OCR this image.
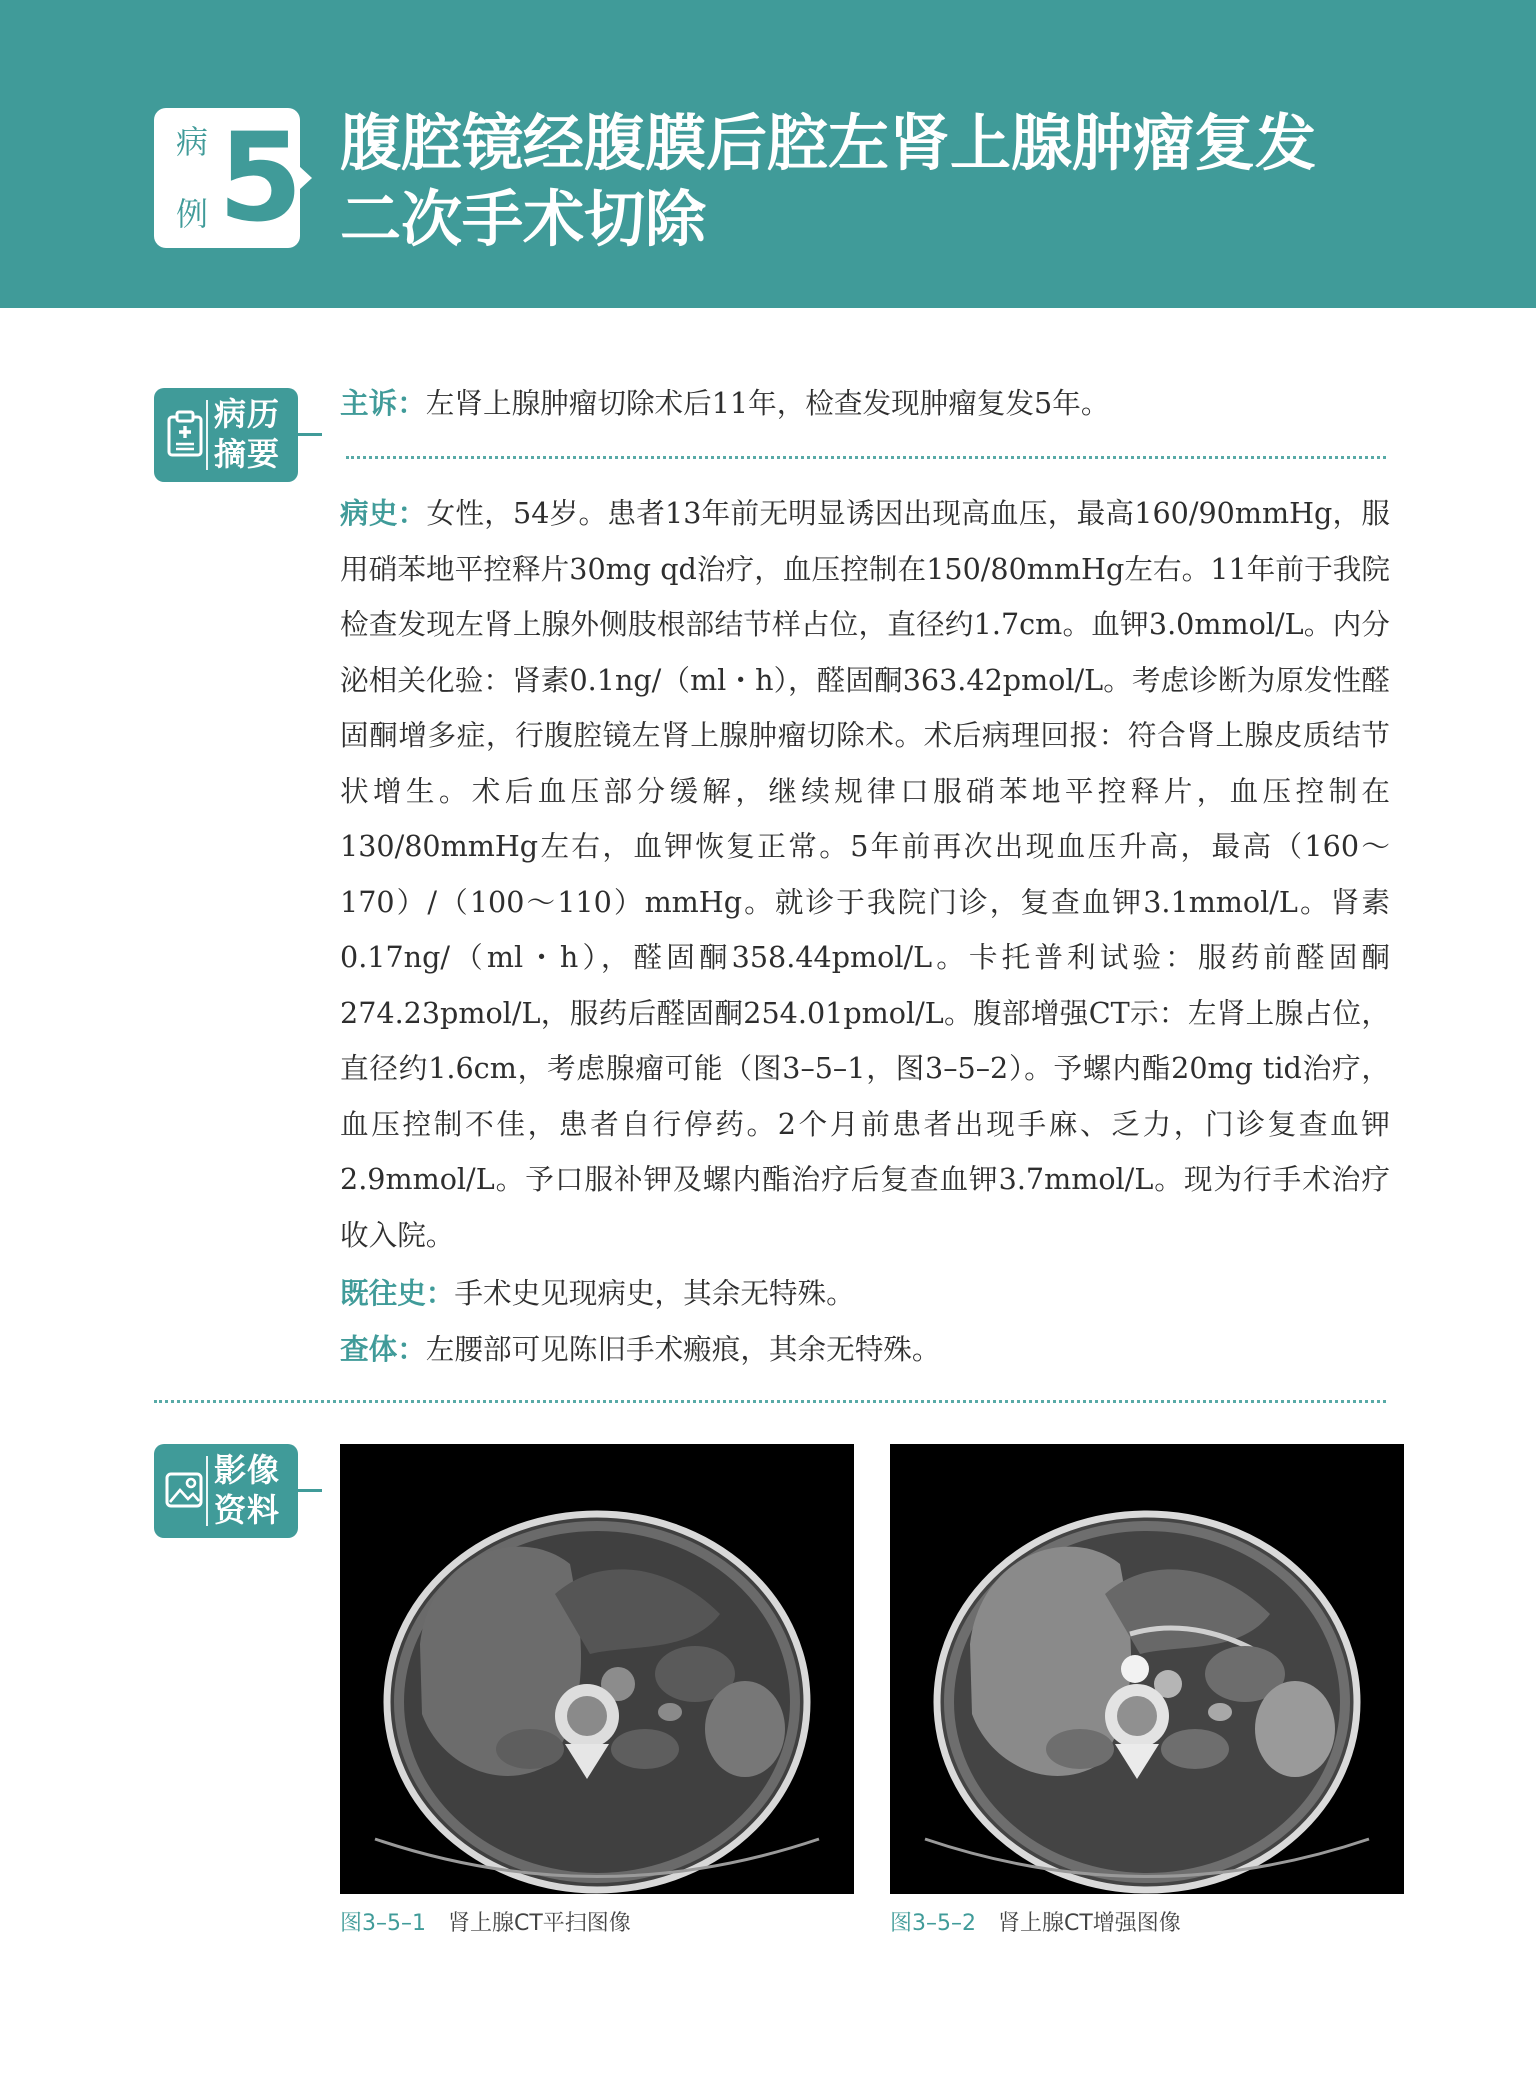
病
例 5 腹腔镜经腹膜后腔左肾上腺肿瘤复发
二次手术切除
病历
摘要

主诉：左肾上腺肿瘤切除术后11年，检查发现肿瘤复发5年。

病史：女性，54岁。患者13年前无明显诱因出现高血压，最高160/90mmHg，服用硝苯地平控释片30mg qd治疗，血压控制在150/80mmHg左右。11年前于我院检查发现左肾上腺外侧肢根部结节样占位，直径约1.7cm。血钾3.0mmol/L。内分泌相关化验：肾素0.1ng/（ml・h），醛固酮363.42pmol/L。考虑诊断为原发性醛固酮增多症，行腹腔镜左肾上腺肿瘤切除术。术后病理回报：符合肾上腺皮质结节状增生。术后血压部分缓解，继续规律口服硝苯地平控释片，血压控制在130/80mmHg左右，血钾恢复正常。5年前再次出现血压升高，最高（160～170）/（100～110）mmHg。就诊于我院门诊，复查血钾3.1mmol/L。肾素0.17ng/（ml・h），醛固酮358.44pmol/L。卡托普利试验：服药前醛固酮274.23pmol/L，服药后醛固酮254.01pmol/L。腹部增强CT示：左肾上腺占位，直径约1.6cm，考虑腺瘤可能（图3–5–1，图3–5–2）。予螺内酯20mg tid治疗，血压控制不佳，患者自行停药。2个月前患者出现手麻、乏力，门诊复查血钾2.9mmol/L。予口服补钾及螺内酯治疗后复查血钾3.7mmol/L。现为行手术治疗收入院。

既往史：手术史见现病史，其余无特殊。

查体：左腰部可见陈旧手术瘢痕，其余无特殊。

影像
资料
图3–5–1 肾上腺CT平扫图像	图3–5–2 肾上腺CT增强图像
